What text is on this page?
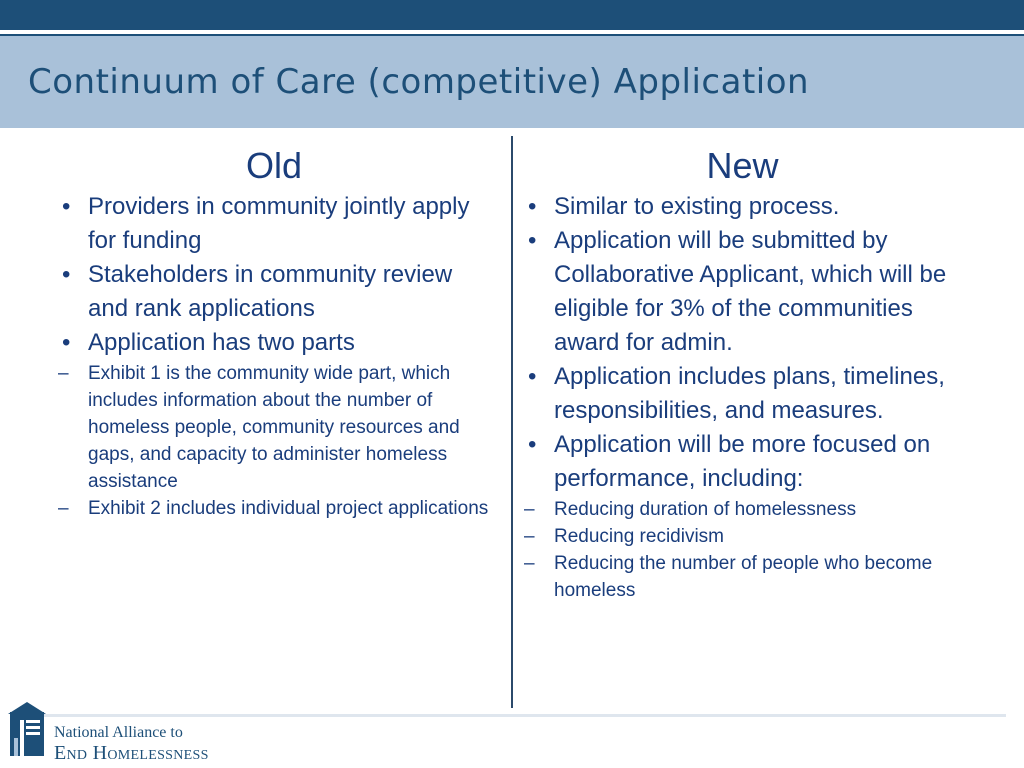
Continuum of Care (competitive) Application
Old
• Providers in community jointly apply for funding
• Stakeholders in community review and rank applications
• Application has two parts
– Exhibit 1 is the community wide part, which includes information about the number of homeless people, community resources and gaps, and capacity to administer homeless assistance
– Exhibit 2 includes individual project applications
New
• Similar to existing process.
• Application will be submitted by Collaborative Applicant, which will be eligible for 3% of the communities award for admin.
• Application includes plans, timelines, responsibilities, and measures.
• Application will be more focused on performance, including:
– Reducing duration of homelessness
– Reducing recidivism
– Reducing the number of people who become homeless
National Alliance to
End Homelessness
